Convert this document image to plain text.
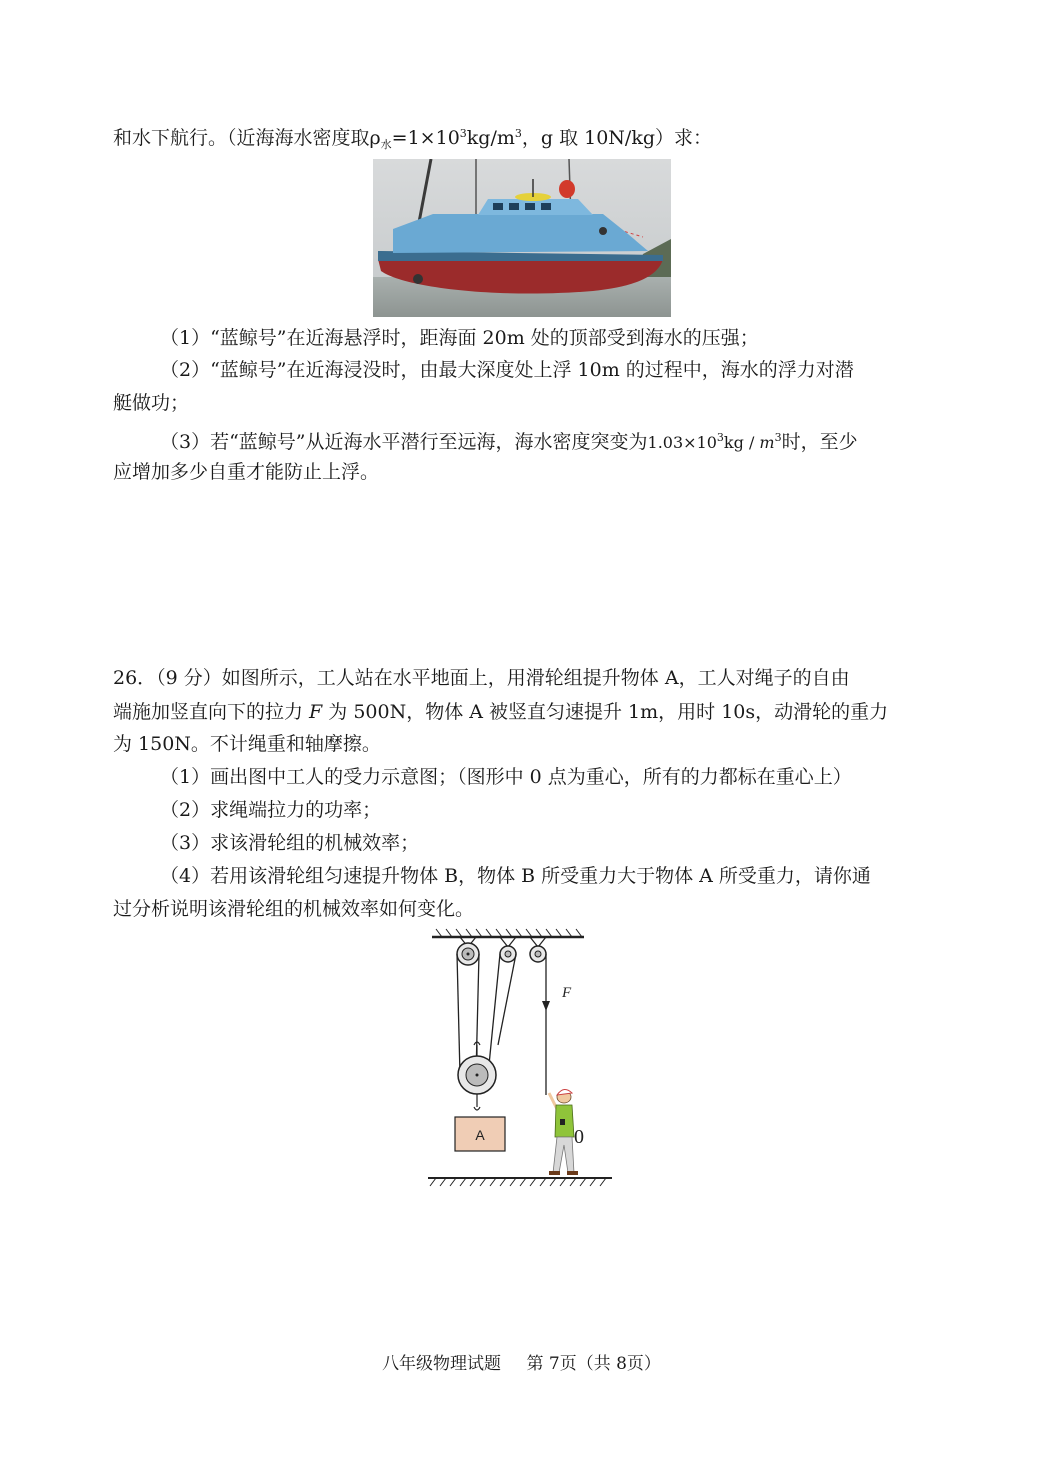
和水下航行。（近海海水密度取$\rho_水=1\times 10^3kg/m^3$，g 取 10N/kg）求：
（1）“蓝鲸号”在近海悬浮时，距海面 20m 处的顶部受到海水的压强；
（2）“蓝鲸号”在近海浸没时，由最大深度处上浮 10m 的过程中，海水的浮力对潜
艇做功；
（3）若“蓝鲸号”从近海水平潜行至远海，海水密度突变为$1.03\times 10^3kg / m^3$时，至少
应增加多少自重才能防止上浮。
26．（9 分）如图所示，工人站在水平地面上，用滑轮组提升物体 A，工人对绳子的自由
端施加竖直向下的拉力 F 为 500N，物体 A 被竖直匀速提升 1m，用时 10s，动滑轮的重力
为 150N。不计绳重和轴摩擦。
（1）画出图中工人的受力示意图；（图形中 0 点为重心，所有的力都标在重心上）
（2）求绳端拉力的功率；
（3）求该滑轮组的机械效率；
（4）若用该滑轮组匀速提升物体 B，物体 B 所受重力大于物体 A 所受重力，请你通
过分析说明该滑轮组的机械效率如何变化。
F
A	0
八年级物理试题 第 7页（共 8页）
